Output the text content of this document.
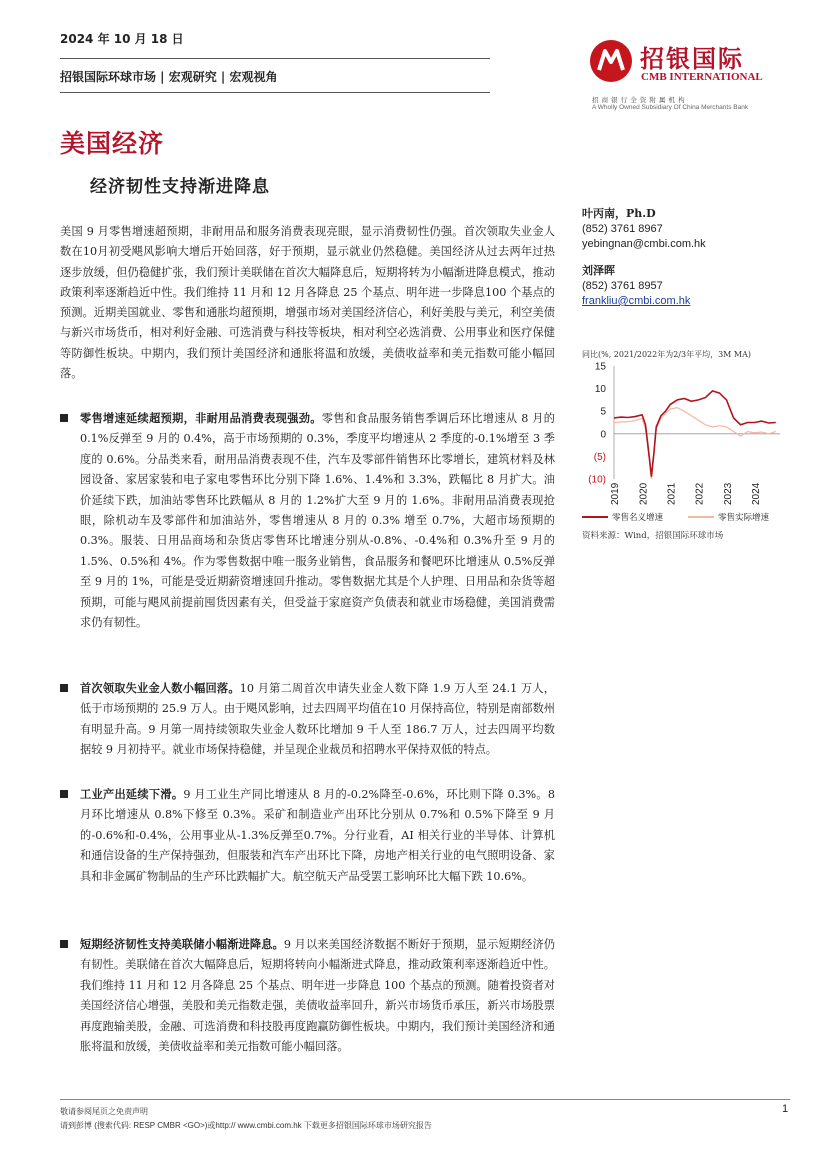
2024 年 10 月 18 日
招银国际环球市场 | 宏观研究 | 宏观视角
招银国际
CMB INTERNATIONAL
招 商 银 行 全 资 附 属 机 构
A Wholly Owned Subsidiary Of China Merchants Bank
美国经济
经济韧性支持渐进降息
美国 9 月零售增速超预期，非耐用品和服务消费表现亮眼，显示消费韧性仍强。首次领取失业金人数在10月初受飓风影响大增后开始回落，好于预期，显示就业仍然稳健。美国经济从过去两年过热逐步放缓，但仍稳健扩张，我们预计美联储在首次大幅降息后，短期将转为小幅渐进降息模式，推动政策利率逐渐趋近中性。我们维持 11 月和 12 月各降息 25 个基点、明年进一步降息100 个基点的预测。近期美国就业、零售和通胀均超预期，增强市场对美国经济信心，利好美股与美元，利空美债与新兴市场货币，相对利好金融、可选消费与科技等板块，相对利空必选消费、公用事业和医疗保健等防御性板块。中期内，我们预计美国经济和通胀将温和放缓，美债收益率和美元指数可能小幅回落。
零售增速延续超预期，非耐用品消费表现强劲。零售和食品服务销售季调后环比增速从 8 月的 0.1%反弹至 9 月的 0.4%，高于市场预期的 0.3%，季度平均增速从 2 季度的-0.1%增至 3 季度的 0.6%。分品类来看，耐用品消费表现不佳，汽车及零部件销售环比零增长，建筑材料及林园设备、家居家装和电子家电零售环比分别下降 1.6%、1.4%和 3.3%，跌幅比 8 月扩大。油价延续下跌，加油站零售环比跌幅从 8 月的 1.2%扩大至 9 月的 1.6%。非耐用品消费表现抢眼，除机动车及零部件和加油站外，零售增速从 8 月的 0.3% 增至 0.7%，大超市场预期的 0.3%。服装、日用品商场和杂货店零售环比增速分别从-0.8%、-0.4%和 0.3%升至 9 月的 1.5%、0.5%和 4%。作为零售数据中唯一服务业销售，食品服务和餐吧环比增速从 0.5%反弹至 9 月的 1%，可能是受近期薪资增速回升推动。零售数据尤其是个人护理、日用品和杂货等超预期，可能与飓风前提前囤货因素有关，但受益于家庭资产负债表和就业市场稳健，美国消费需求仍有韧性。
首次领取失业金人数小幅回落。10 月第二周首次申请失业金人数下降 1.9 万人至 24.1 万人，低于市场预期的 25.9 万人。由于飓风影响，过去四周平均值在10 月保持高位，特别是南部数州有明显升高。9 月第一周持续领取失业金人数环比增加 9 千人至 186.7 万人，过去四周平均数据较 9 月初持平。就业市场保持稳健，并呈现企业裁员和招聘水平保持双低的特点。
工业产出延续下滑。9 月工业生产同比增速从 8 月的-0.2%降至-0.6%，环比则下降 0.3%。8 月环比增速从 0.8%下修至 0.3%。采矿和制造业产出环比分别从 0.7%和 0.5%下降至 9 月的-0.6%和-0.4%，公用事业从-1.3%反弹至0.7%。分行业看，AI 相关行业的半导体、计算机和通信设备的生产保持强劲，但服装和汽车产出环比下降，房地产相关行业的电气照明设备、家具和非金属矿物制品的生产环比跌幅扩大。航空航天产品受罢工影响环比大幅下跌 10.6%。
短期经济韧性支持美联储小幅渐进降息。9 月以来美国经济数据不断好于预期，显示短期经济仍有韧性。美联储在首次大幅降息后，短期将转向小幅渐进式降息，推动政策利率逐渐趋近中性。我们维持 11 月和 12 月各降息 25 个基点、明年进一步降息 100 个基点的预测。随着投资者对美国经济信心增强，美股和美元指数走强，美债收益率回升，新兴市场货币承压，新兴市场股票再度跑输美股，金融、可选消费和科技股再度跑赢防御性板块。中期内，我们预计美国经济和通胀将温和放缓，美债收益率和美元指数可能小幅回落。
叶丙南，Ph.D
(852) 3761 8967
yebingnan@cmbi.com.hk
刘泽晖
(852) 3761 8957
frankliu@cmbi.com.hk
同比(%, 2021/2022年为2/3年平均，3M MA)
15
10
5
0
(5)
(10)
2019 2020 2021 2022 2023 2024
零售名义增速	零售实际增速
资料来源：Wind，招银国际环球市场
敬请参阅尾页之免责声明
请到彭博 (搜索代码: RESP CMBR <GO>)或http:// www.cmbi.com.hk 下载更多招银国际环球市场研究报告
1
